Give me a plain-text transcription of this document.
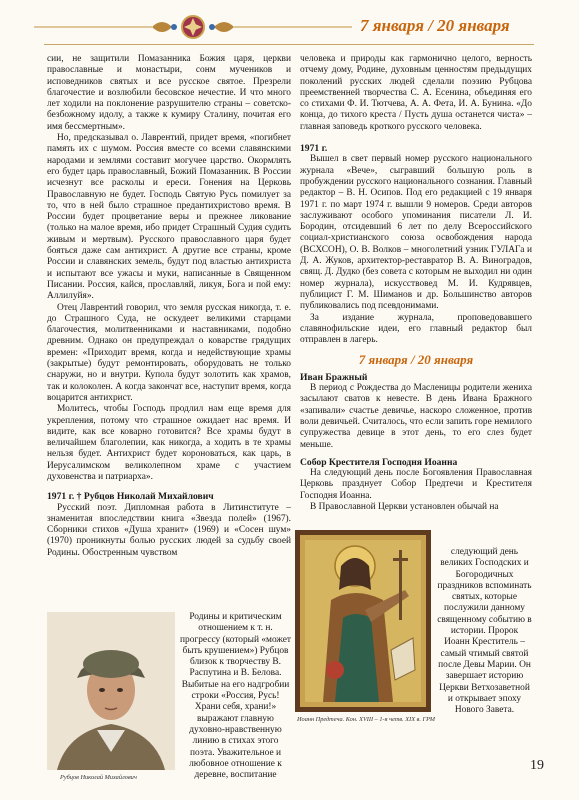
7 января / 20 января

сии, не защитили Помазанника Божия царя, церкви православные и монастыри, сонм мучеников и исповедников святых и все русское святое. Презрели благочестие и возлюбили бесовское нечестие. И что много лет ходили на поклонение разрушителю страны – советско-безбожному идолу, а также к кумиру Сталину, почитая его имя бессмертным».

Но, предсказывал о. Лаврентий, придет время, «погибнет память их с шумом. Россия вместе со всеми славянскими народами и землями составит могучее царство. Окормлять его будет царь православный, Божий Помазанник. В России исчезнут все расколы и ереси. Гонения на Церковь Православную не будет. Господь Святую Русь помилует за то, что в ней было страшное предантихристово время. В России будет процветание веры и прежнее ликование (только на малое время, ибо придет Страшный Судия судить живым и мертвым). Русского православного царя будет бояться даже сам антихрист. А другие все страны, кроме России и славянских земель, будут под властью антихриста и испытают все ужасы и муки, написанные в Священном Писании. Россия, кайся, прославляй, ликуя, Бога и пой ему: Аллилуйя».

Отец Лаврентий говорил, что земля русская никогда, т. е. до Страшного Суда, не оскудеет великими старцами благочестия, молитвенниками и наставниками, подобно древним. Однако он предупреждал о коварстве грядущих времен: «Приходит время, когда и недействующие храмы (закрытые) будут ремонтировать, оборудовать не только снаружи, но и внутри. Купола будут золотить как храмов, так и колоколен. А когда закончат все, наступит время, когда воцарится антихрист.

Молитесь, чтобы Господь продлил нам еще время для укрепления, потому что страшное ожидает нас время. И видите, как все коварно готовится? Все храмы будут в величайшем благолепии, как никогда, а ходить в те храмы нельзя будет. Антихрист будет короноваться, как царь, в Иерусалимском великолепном храме с участием духовенства и патриарха».

1971 г. † Рубцов Николай Михайлович

Русский поэт. Дипломная работа в Литинституте – знаменитая впоследствии книга «Звезда полей» (1967). Сборники стихов «Душа хранит» (1969) и «Сосен шум» (1970) проникнуты болью русских людей за судьбу своей Родины. Обостренным чувством

Рубцов Николай Михайлович
Родины и критическим отношением к т. н. прогрессу (который «может быть крушением») Рубцов близок к творчеству В. Распутина и В. Белова. Выбитые на его надгробии строки «Россия, Русь! Храни себя, храни!» выражают главную духовно-нравственную линию в стихах этого поэта. Уважительное и любовное отношение к деревне, воспитание

человека и природы как гармонично целого, верность отчему дому, Родине, духовным ценностям предыдущих поколений русских людей сделали поэзию Рубцова преемственней творчества С. А. Есенина, объединяя его со стихами Ф. И. Тютчева, А. А. Фета, И. А. Бунина. «До конца, до тихого креста / Пусть душа останется чиста» – главная заповедь кроткого русского человека.

1971 г.

Вышел в свет первый номер русского национального журнала «Вече», сыгравший большую роль в пробуждении русского национального сознания. Главный редактор – В. Н. Осипов. Под его редакцией с 19 января 1971 г. по март 1974 г. вышли 9 номеров. Среди авторов заслуживают особого упоминания писатели Л. И. Бородин, отсидевший 6 лет по делу Всероссийского социал-христианского союза освобождения народа (ВСХСОН), О. В. Волков – многолетний узник ГУЛАГа и Д. А. Жуков, архитектор-реставратор В. А. Виноградов, свящ. Д. Дудко (без совета с которым не выходил ни один номер журнала), искусствовед М. И. Кудрявцев, публицист Г. М. Шиманов и др. Большинство авторов публиковались под псевдонимами.

За издание журнала, проповедовавшего славянофильские идеи, его главный редактор был отправлен в лагерь.

7 января / 20 января

Иван Бражный

В период с Рождества до Масленицы родители жениха засылают сватов к невесте. В день Ивана Бражного «запивали» счастье девичье, наскоро сложенное, против воли девичьей. Считалось, что если запить горе немилого супружества девице в этот день, то его слез будет меньше.

Собор Крестителя Господня Иоанна

На следующий день после Богоявления Православная Церковь празднует Собор Предтечи и Крестителя Господня Иоанна.

В Православной Церкви установлен обычай на

Иоанн Предтеча. Кон. XVIII – 1-я четв. XIX в. ГРМ
следующий день великих Господских и Богородичных праздников вспоминать святых, которые послужили данному священному событию в истории. Пророк Иоанн Креститель – самый чтимый святой после Девы Марии. Он завершает историю Церкви Ветхозаветной и открывает эпоху Нового Завета.
19
